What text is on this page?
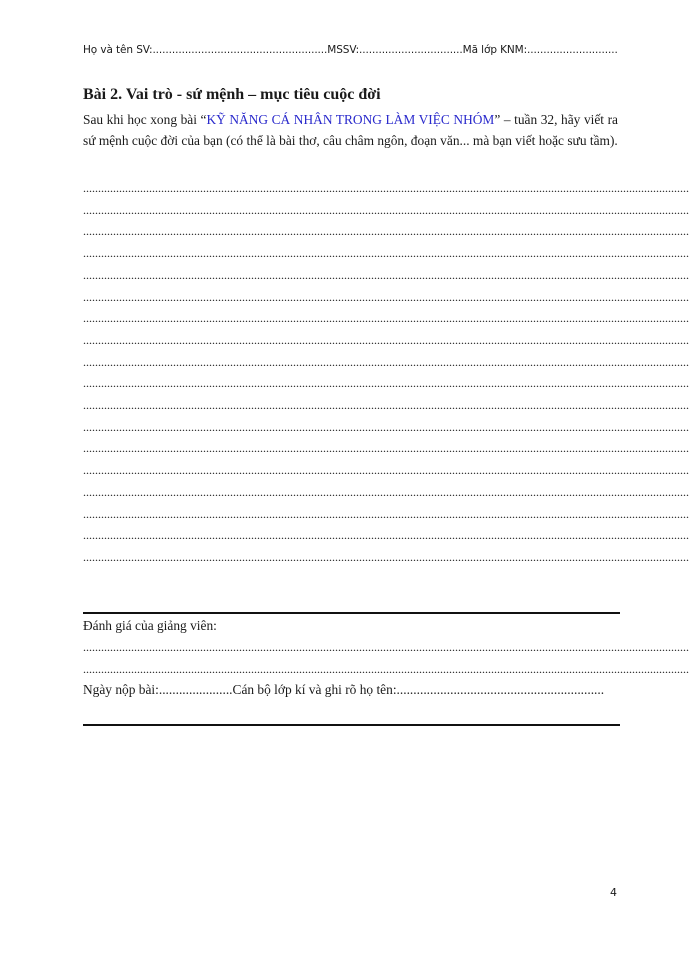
Họ và tên SV:......................................................MSSV:................................Mã lớp KNM:............................
Bài 2. Vai trò - sứ mệnh – mục tiêu cuộc đời
Sau khi học xong bài “KỸ NĂNG CÁ NHÂN TRONG LÀM VIỆC NHÓM” – tuần 32, hãy viết ra sứ mệnh cuộc đời của bạn (có thể là bài thơ, câu châm ngôn, đoạn văn... mà bạn viết hoặc sưu tầm).
..........................................................................................................................................................................................................
..........................................................................................................................................................................................................
..........................................................................................................................................................................................................
..........................................................................................................................................................................................................
..........................................................................................................................................................................................................
..........................................................................................................................................................................................................
..........................................................................................................................................................................................................
..........................................................................................................................................................................................................
..........................................................................................................................................................................................................
..........................................................................................................................................................................................................
..........................................................................................................................................................................................................
..........................................................................................................................................................................................................
..........................................................................................................................................................................................................
..........................................................................................................................................................................................................
..........................................................................................................................................................................................................
..........................................................................................................................................................................................................
..........................................................................................................................................................................................................
..........................................................................................................................................................................................................
Đánh giá của giảng viên:
..........................................................................................................................................................................................................
..........................................................................................................................................................................................................
Ngày nộp bài:......................Cán bộ lớp kí và ghi rõ họ tên:..............................................................
4
